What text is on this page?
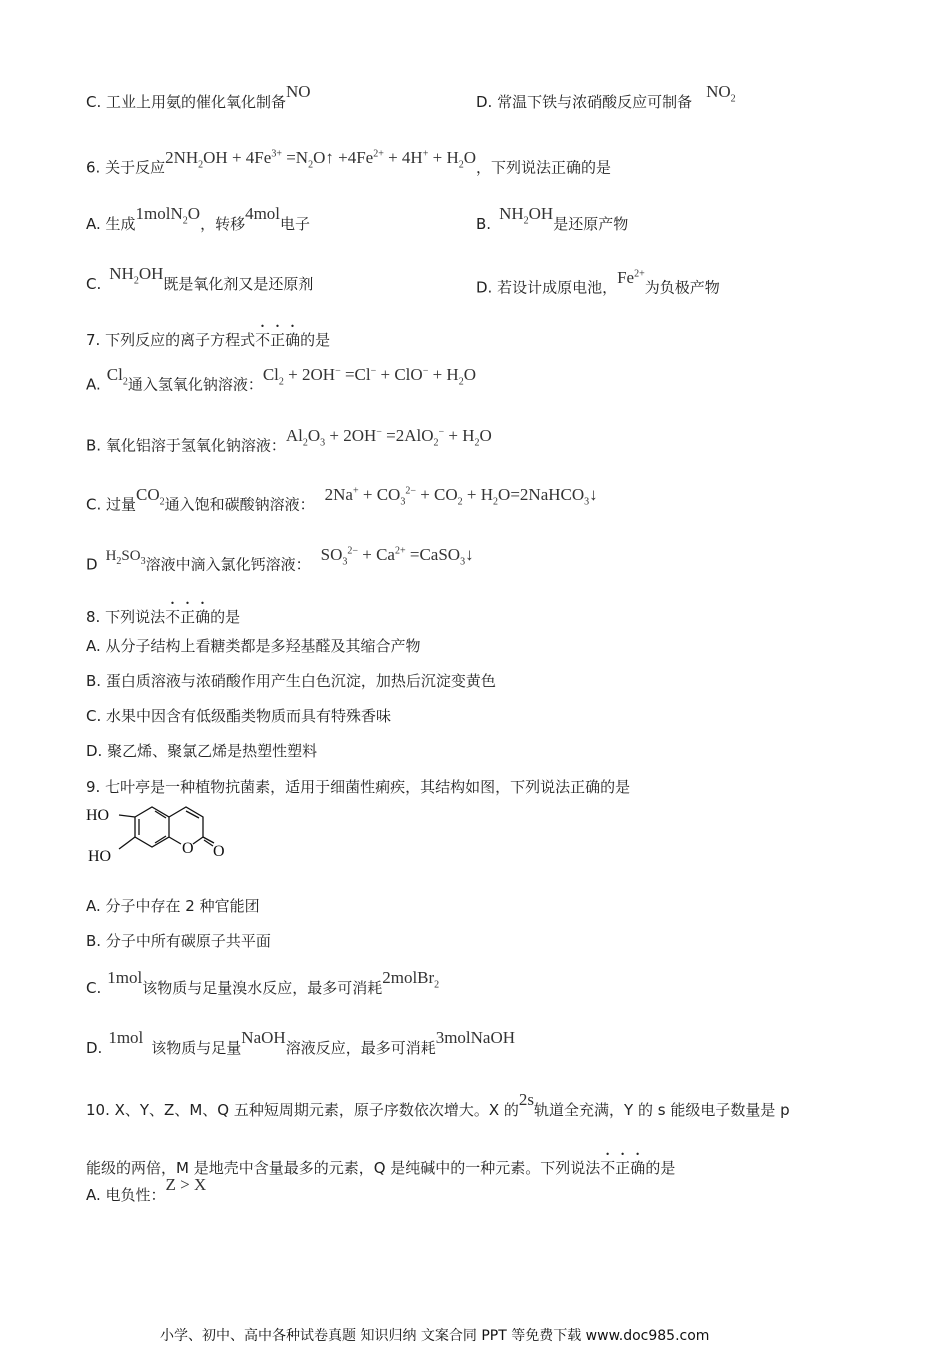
C. 工业上用氨的催化氧化制备NO
D. 常温下铁与浓硝酸反应可制备$NO_2$
6. 关于反应$2NH_2OH + 4Fe^{3+}$ $=N_2O↑ +4Fe^{2+} + 4H^+ + H_2O$，下列说法正确的是
A. 生成1molN$_2$O，转移4mol电子	$B.NH_2OH$是还原产物
$C.NH_2OH$既是氧化剂又是还原剂	D. 若设计成原电池，$Fe^{2+}$为负极产物
7. 下列反应的离子方程式不正确的是
$A.Cl_2$通入氢氧化钠溶液：$Cl_2 + 2OH^- =Cl^- + ClO^- + H_2O$
B. 氧化铝溶于氢氧化钠溶液：$Al_2O_3 + 2OH^- =2AlO_2^- + H_2O$
C. 过量$CO_2$通入饱和碳酸钠溶液：$2Na^+ + CO_3^{2-} + CO_2$ + $H_2O=2NaHCO_3↓$
D $H_2SO_3$溶液中滴入氯化钙溶液：$SO_3^{2-} + Ca^{2+}$ =CaSO$_3$↓
8. 下列说法不正确的是
A. 从分子结构上看糖类都是多羟基醛及其缩合产物
B. 蛋白质溶液与浓硝酸作用产生白色沉淀，加热后沉淀变黄色
C. 水果中因含有低级酯类物质而具有特殊香味
D. 聚乙烯、聚氯乙烯是热塑性塑料
9. 七叶亭是一种植物抗菌素，适用于细菌性痢疾，其结构如图，下列说法正确的是
HO
HO	O O
A. 分子中存在 2 种官能团
B. 分子中所有碳原子共平面
C.1mol该物质与足量溴水反应，最多可消耗2molBr$_2$
D.1mol该物质与足量NaOH溶液反应，最多可消耗3molNaOH
10. X、Y、Z、M、Q 五种短周期元素，原子序数依次增大。X 的2s轨道全充满，Y 的 s 能级电子数量是 p
能级的两倍，M 是地壳中含量最多的元素，Q 是纯碱中的一种元素。下列说法不正确的是
A. 电负性：Z > X
小学、初中、高中各种试卷真题 知识归纳 文案合同 PPT 等免费下载 www.doc985.com
